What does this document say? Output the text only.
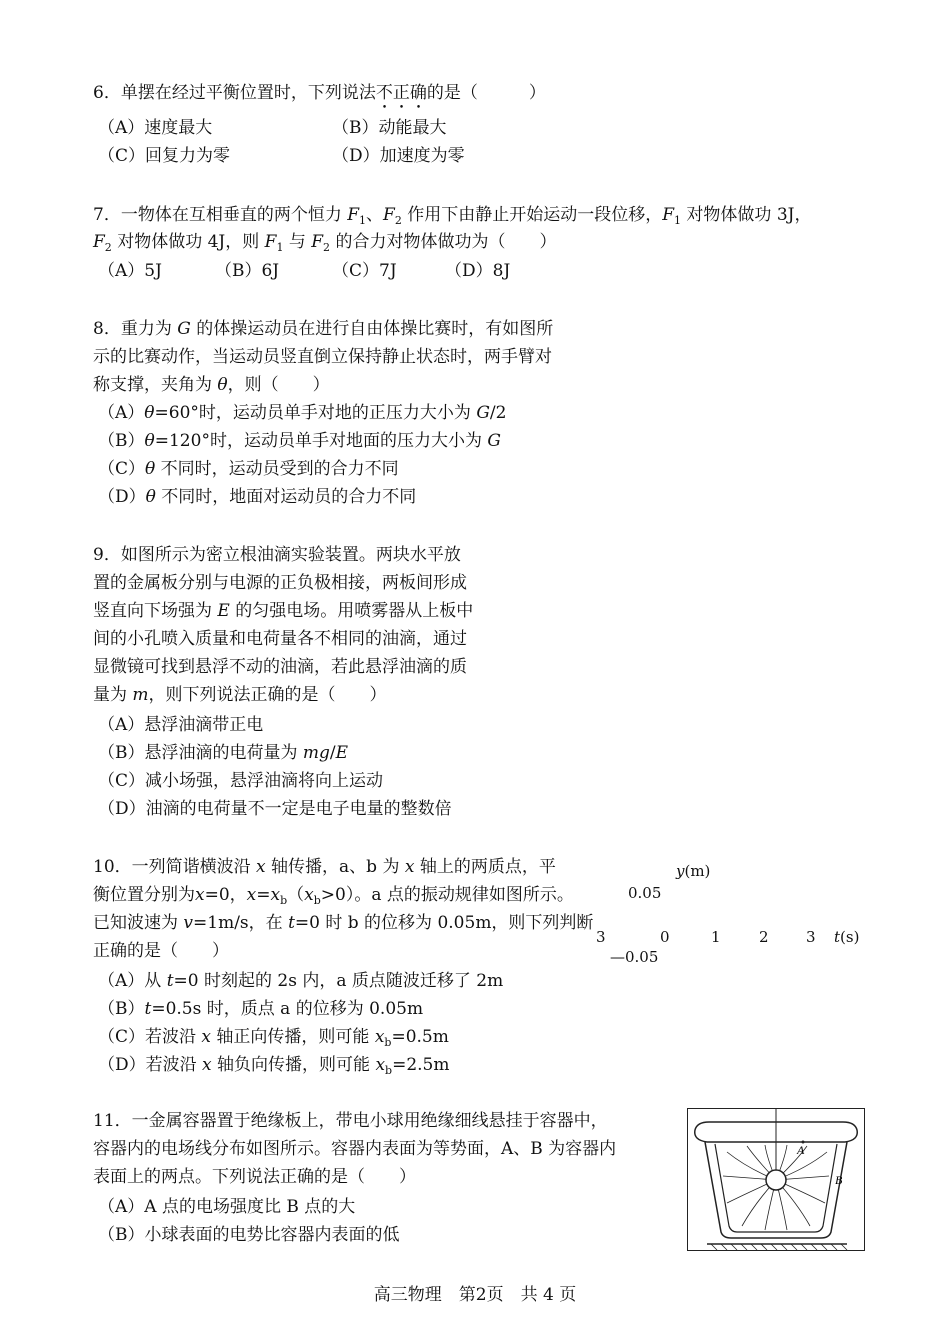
6．单摆在经过平衡位置时，下列说法不正确的是（　　　）
（A）速度最大	（B）动能最大
（C）回复力为零	（D）加速度为零
7．一物体在互相垂直的两个恒力 $F_1$、$F_2$ 作用下由静止开始运动一段位移，$F_1$ 对物体做功 3J，
$F_2$ 对物体做功 4J，则 $F_1$ 与 $F_2$ 的合力对物体做功为（　　）
（A）5J	（B）6J	（C）7J	（D）8J
8．重力为 G 的体操运动员在进行自由体操比赛时，有如图所
示的比赛动作，当运动员竖直倒立保持静止状态时，两手臂对
称支撑，夹角为 θ，则（　　）
（A）θ=60°时，运动员单手对地的正压力大小为 G/2
（B）θ=120°时，运动员单手对地面的压力大小为 G
（C）θ 不同时，运动员受到的合力不同
（D）θ 不同时，地面对运动员的合力不同
9．如图所示为密立根油滴实验装置。两块水平放
置的金属板分别与电源的正负极相接，两板间形成
竖直向下场强为 E 的匀强电场。用喷雾器从上板中
间的小孔喷入质量和电荷量各不相同的油滴，通过
显微镜可找到悬浮不动的油滴，若此悬浮油滴的质
量为 m，则下列说法正确的是（　　）
（A）悬浮油滴带正电
（B）悬浮油滴的电荷量为 mg/E
（C）减小场强，悬浮油滴将向上运动
（D）油滴的电荷量不一定是电子电量的整数倍
10．一列简谐横波沿 x 轴传播，a、b 为 x 轴上的两质点，平
衡位置分别为x=0，$x=x_b(x_b>0)$。a 点的振动规律如图所示。
已知波速为 v=1m/s，在 t=0 时 b 的位移为 0.05m，则下列判断
正确的是（　　）
（A）从 t=0 时刻起的 2s 内，a 质点随波迁移了 2m
（B）t=0.5s 时，质点 a 的位移为 0.05m
（C）若波沿 x 轴正向传播，则可能 $x_b=0.5m$
（D）若波沿 x 轴负向传播，则可能 $x_b=2.5m$
y(m)
0.05
3	0	1	2 3 t(s)
—0.05
11．一金属容器置于绝缘板上，带电小球用绝缘细线悬挂于容器中，
容器内的电场线分布如图所示。容器内表面为等势面，A、B 为容器内
表面上的两点。下列说法正确的是（　　）
（A）A 点的电场强度比 B 点的大
（B）小球表面的电势比容器内表面的低
A
B
高三物理　第2页　共 4 页
